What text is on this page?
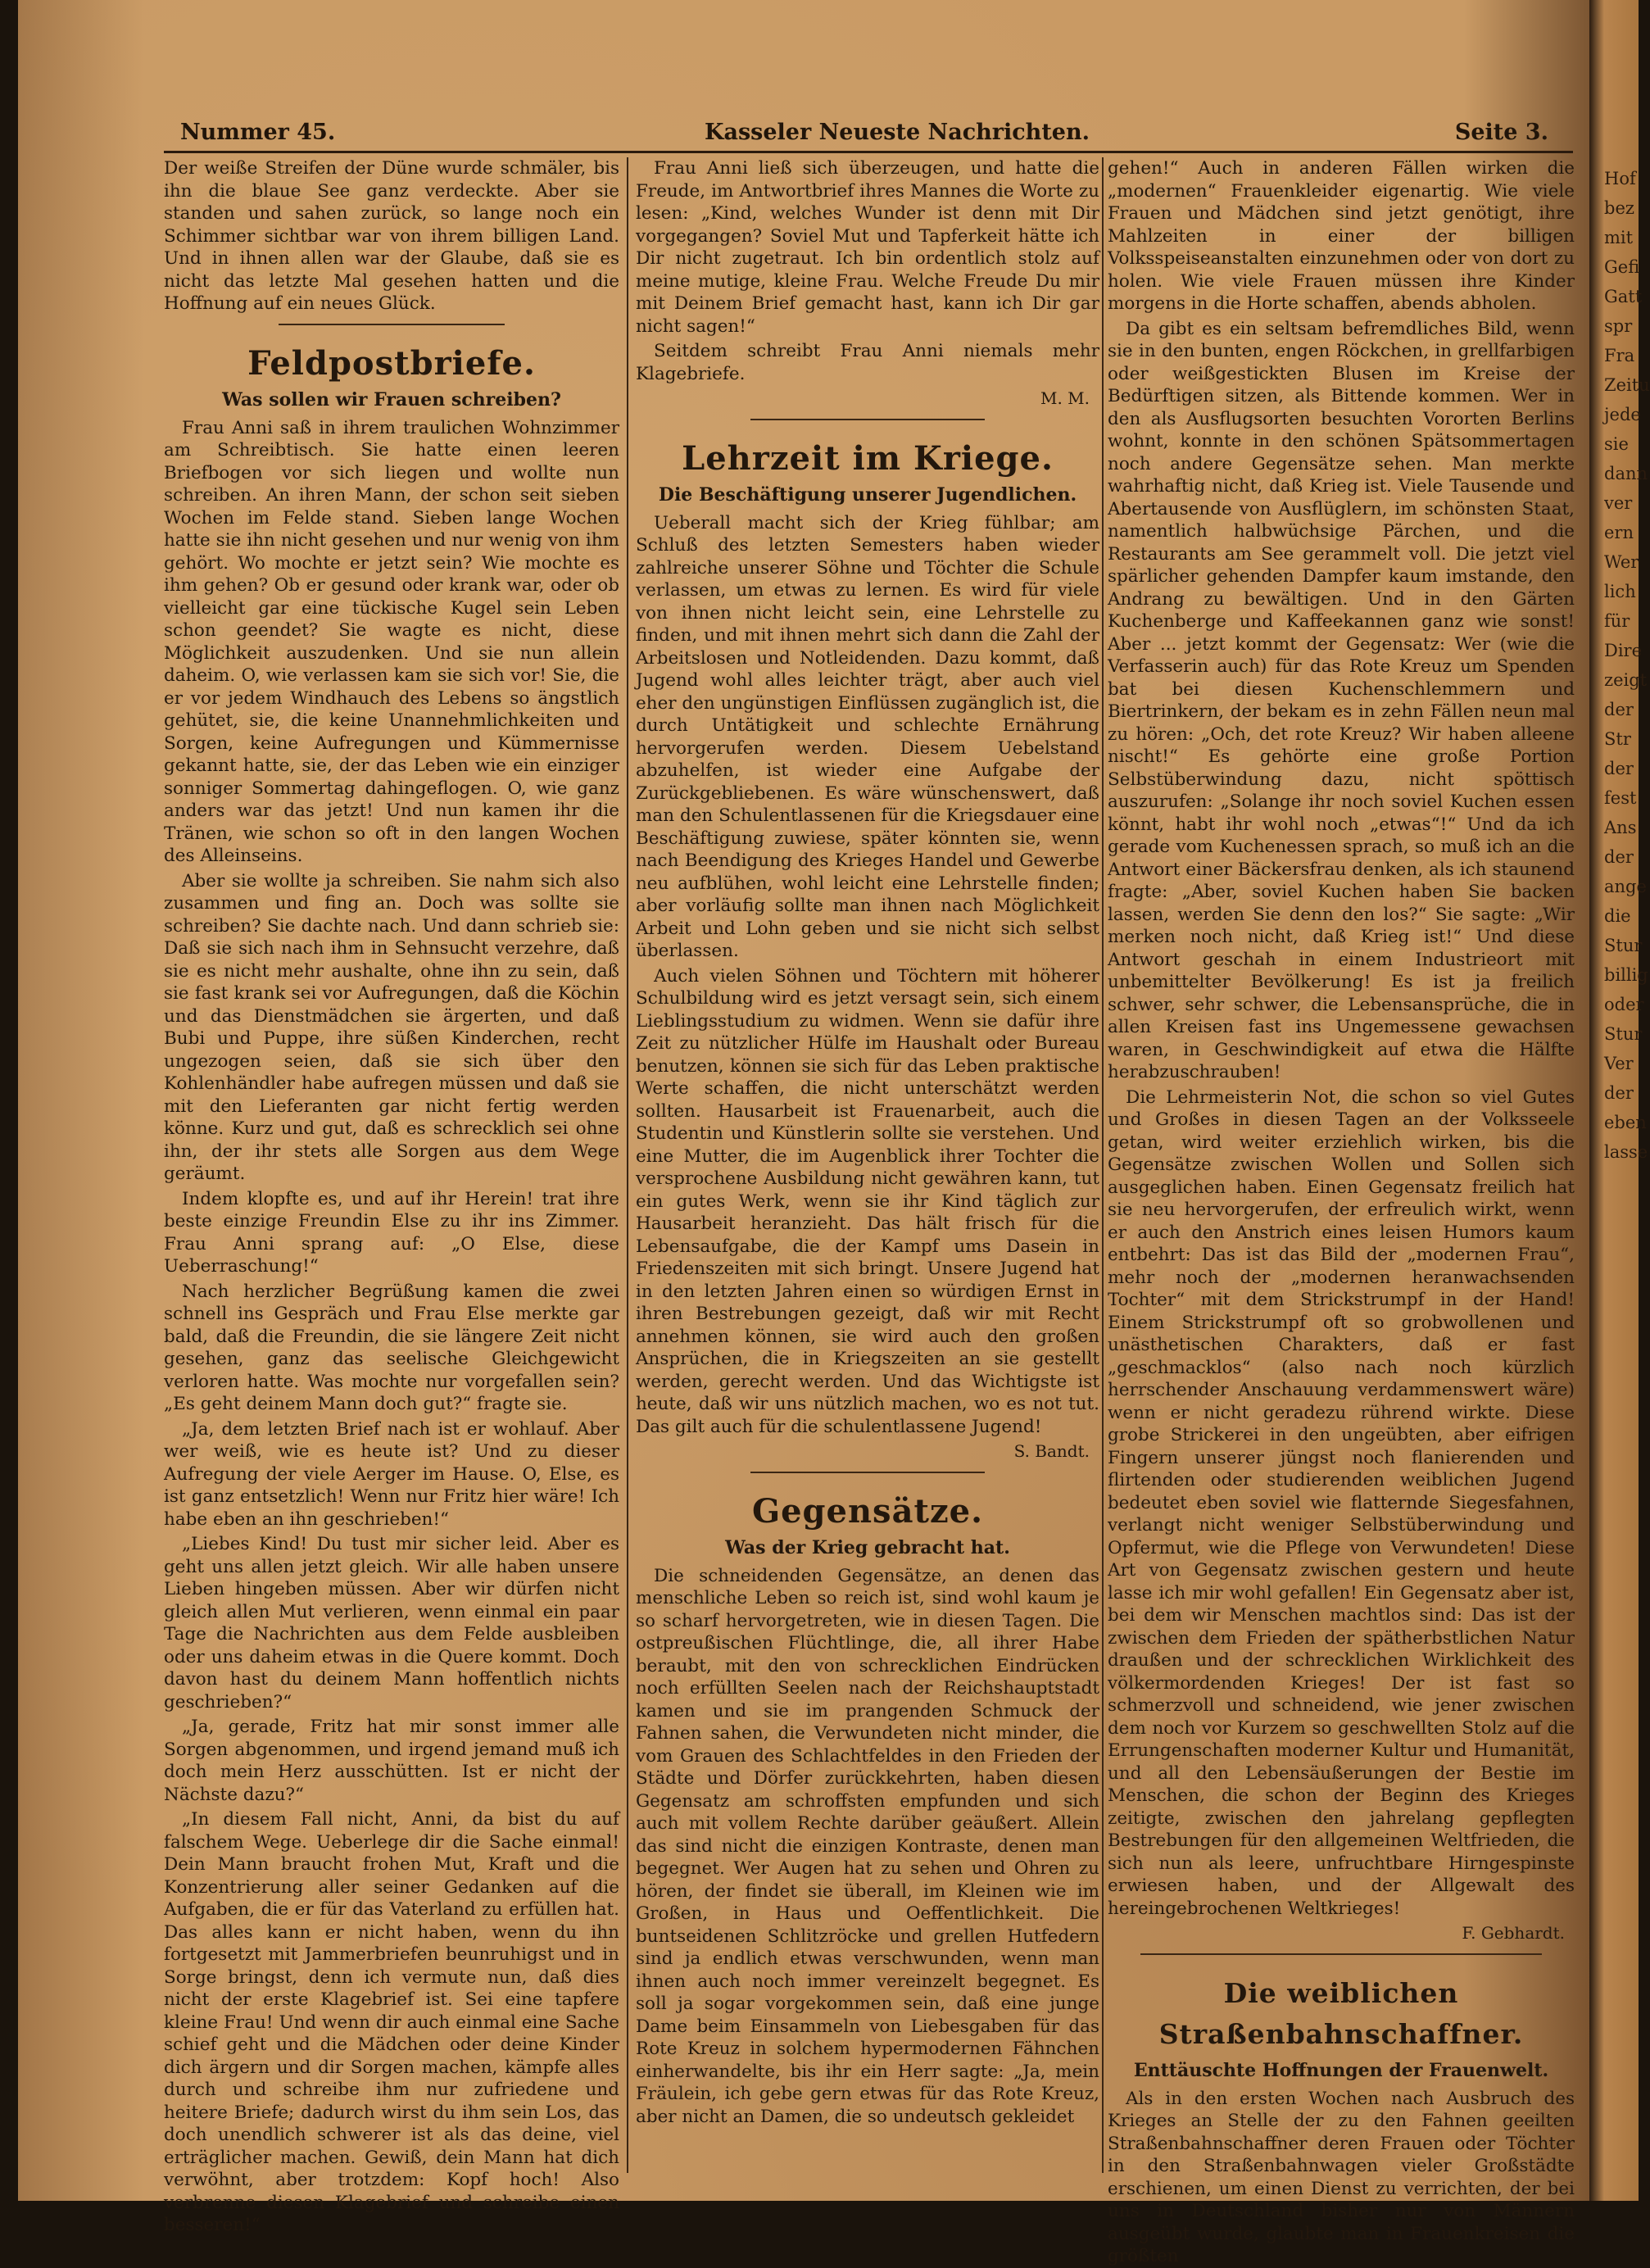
Hof
bez
mit
Gefi
Gatt
spr
Fra
Zeitu
jede
sie
dann
ver
ern
Wer
lich
für
Dire
zeigt
der
Str
der
fest
Ans
der
ange
die
Stur
billig
oder
Stur
Ver
der
eben
lasse
Nummer 45.	Kasseler Neueste Nachrichten.	Seite 3.

Der weiße Streifen der Düne wurde schmäler, bis ihn die blaue See ganz verdeckte. Aber sie standen und sahen zurück, so lange noch ein Schimmer sichtbar war von ihrem billigen Land. Und in ihnen allen war der Glaube, daß sie es nicht das letzte Mal gesehen hatten und die Hoffnung auf ein neues Glück.

Feldpostbriefe.
Was sollen wir Frauen schreiben?

Frau Anni saß in ihrem traulichen Wohnzimmer am Schreibtisch. Sie hatte einen leeren Briefbogen vor sich liegen und wollte nun schreiben. An ihren Mann, der schon seit sieben Wochen im Felde stand. Sieben lange Wochen hatte sie ihn nicht gesehen und nur wenig von ihm gehört. Wo mochte er jetzt sein? Wie mochte es ihm gehen? Ob er gesund oder krank war, oder ob vielleicht gar eine tückische Kugel sein Leben schon geendet? Sie wagte es nicht, diese Möglichkeit auszudenken. Und sie nun allein daheim. O, wie verlassen kam sie sich vor! Sie, die er vor jedem Windhauch des Lebens so ängstlich gehütet, sie, die keine Unannehmlichkeiten und Sorgen, keine Aufregungen und Kümmernisse gekannt hatte, sie, der das Leben wie ein einziger sonniger Sommertag dahingeflogen. O, wie ganz anders war das jetzt! Und nun kamen ihr die Tränen, wie schon so oft in den langen Wochen des Alleinseins.

Aber sie wollte ja schreiben. Sie nahm sich also zusammen und fing an. Doch was sollte sie schreiben? Sie dachte nach. Und dann schrieb sie: Daß sie sich nach ihm in Sehnsucht verzehre, daß sie es nicht mehr aushalte, ohne ihn zu sein, daß sie fast krank sei vor Aufregungen, daß die Köchin und das Dienstmädchen sie ärgerten, und daß Bubi und Puppe, ihre süßen Kinderchen, recht ungezogen seien, daß sie sich über den Kohlenhändler habe aufregen müssen und daß sie mit den Lieferanten gar nicht fertig werden könne. Kurz und gut, daß es schrecklich sei ohne ihn, der ihr stets alle Sorgen aus dem Wege geräumt.

Indem klopfte es, und auf ihr Herein! trat ihre beste einzige Freundin Else zu ihr ins Zimmer. Frau Anni sprang auf: „O Else, diese Ueberraschung!“

Nach herzlicher Begrüßung kamen die zwei schnell ins Gespräch und Frau Else merkte gar bald, daß die Freundin, die sie längere Zeit nicht gesehen, ganz das seelische Gleichgewicht verloren hatte. Was mochte nur vorgefallen sein? „Es geht deinem Mann doch gut?“ fragte sie.

„Ja, dem letzten Brief nach ist er wohlauf. Aber wer weiß, wie es heute ist? Und zu dieser Aufregung der viele Aerger im Hause. O, Else, es ist ganz entsetzlich! Wenn nur Fritz hier wäre! Ich habe eben an ihn geschrieben!“

„Liebes Kind! Du tust mir sicher leid. Aber es geht uns allen jetzt gleich. Wir alle haben unsere Lieben hingeben müssen. Aber wir dürfen nicht gleich allen Mut verlieren, wenn einmal ein paar Tage die Nachrichten aus dem Felde ausbleiben oder uns daheim etwas in die Quere kommt. Doch davon hast du deinem Mann hoffentlich nichts geschrieben?“

„Ja, gerade, Fritz hat mir sonst immer alle Sorgen abgenommen, und irgend jemand muß ich doch mein Herz ausschütten. Ist er nicht der Nächste dazu?“

„In diesem Fall nicht, Anni, da bist du auf falschem Wege. Ueberlege dir die Sache einmal! Dein Mann braucht frohen Mut, Kraft und die Konzentrierung aller seiner Gedanken auf die Aufgaben, die er für das Vaterland zu erfüllen hat. Das alles kann er nicht haben, wenn du ihn fortgesetzt mit Jammerbriefen beunruhigst und in Sorge bringst, denn ich vermute nun, daß dies nicht der erste Klagebrief ist. Sei eine tapfere kleine Frau! Und wenn dir auch einmal eine Sache schief geht und die Mädchen oder deine Kinder dich ärgern und dir Sorgen machen, kämpfe alles durch und schreibe ihm nur zufriedene und heitere Briefe; dadurch wirst du ihm sein Los, das doch unendlich schwerer ist als das deine, viel erträglicher machen. Gewiß, dein Mann hat dich verwöhnt, aber trotzdem: Kopf hoch! Also verbrenne diesen Klagebrief und schreibe einen besseren!“

Frau Anni ließ sich überzeugen, und hatte die Freude, im Antwortbrief ihres Mannes die Worte zu lesen: „Kind, welches Wunder ist denn mit Dir vorgegangen? Soviel Mut und Tapferkeit hätte ich Dir nicht zugetraut. Ich bin ordentlich stolz auf meine mutige, kleine Frau. Welche Freude Du mir mit Deinem Brief gemacht hast, kann ich Dir gar nicht sagen!“

Seitdem schreibt Frau Anni niemals mehr Klagebriefe.

M. M.
Lehrzeit im Kriege.
Die Beschäftigung unserer Jugendlichen.

Ueberall macht sich der Krieg fühlbar; am Schluß des letzten Semesters haben wieder zahlreiche unserer Söhne und Töchter die Schule verlassen, um etwas zu lernen. Es wird für viele von ihnen nicht leicht sein, eine Lehrstelle zu finden, und mit ihnen mehrt sich dann die Zahl der Arbeitslosen und Notleidenden. Dazu kommt, daß Jugend wohl alles leichter trägt, aber auch viel eher den ungünstigen Einflüssen zugänglich ist, die durch Untätigkeit und schlechte Ernährung hervorgerufen werden. Diesem Uebelstand abzuhelfen, ist wieder eine Aufgabe der Zurückgebliebenen. Es wäre wünschenswert, daß man den Schulentlassenen für die Kriegsdauer eine Beschäftigung zuwiese, später könnten sie, wenn nach Beendigung des Krieges Handel und Gewerbe neu aufblühen, wohl leicht eine Lehrstelle finden; aber vorläufig sollte man ihnen nach Möglichkeit Arbeit und Lohn geben und sie nicht sich selbst überlassen.

Auch vielen Söhnen und Töchtern mit höherer Schulbildung wird es jetzt versagt sein, sich einem Lieblingsstudium zu widmen. Wenn sie dafür ihre Zeit zu nützlicher Hülfe im Haushalt oder Bureau benutzen, können sie sich für das Leben praktische Werte schaffen, die nicht unterschätzt werden sollten. Hausarbeit ist Frauenarbeit, auch die Studentin und Künstlerin sollte sie verstehen. Und eine Mutter, die im Augenblick ihrer Tochter die versprochene Ausbildung nicht gewähren kann, tut ein gutes Werk, wenn sie ihr Kind täglich zur Hausarbeit heranzieht. Das hält frisch für die Lebensaufgabe, die der Kampf ums Dasein in Friedenszeiten mit sich bringt. Unsere Jugend hat in den letzten Jahren einen so würdigen Ernst in ihren Bestrebungen gezeigt, daß wir mit Recht annehmen können, sie wird auch den großen Ansprüchen, die in Kriegszeiten an sie gestellt werden, gerecht werden. Und das Wichtigste ist heute, daß wir uns nützlich machen, wo es not tut. Das gilt auch für die schulentlassene Jugend!

S. Bandt.
Gegensätze.
Was der Krieg gebracht hat.

Die schneidenden Gegensätze, an denen das menschliche Leben so reich ist, sind wohl kaum je so scharf hervorgetreten, wie in diesen Tagen. Die ostpreußischen Flüchtlinge, die, all ihrer Habe beraubt, mit den von schrecklichen Eindrücken noch erfüllten Seelen nach der Reichshauptstadt kamen und sie im prangenden Schmuck der Fahnen sahen, die Verwundeten nicht minder, die vom Grauen des Schlachtfeldes in den Frieden der Städte und Dörfer zurückkehrten, haben diesen Gegensatz am schroffsten empfunden und sich auch mit vollem Rechte darüber geäußert. Allein das sind nicht die einzigen Kontraste, denen man begegnet. Wer Augen hat zu sehen und Ohren zu hören, der findet sie überall, im Kleinen wie im Großen, in Haus und Oeffentlichkeit. Die buntseidenen Schlitzröcke und grellen Hutfedern sind ja endlich etwas verschwunden, wenn man ihnen auch noch immer vereinzelt begegnet. Es soll ja sogar vorgekommen sein, daß eine junge Dame beim Einsammeln von Liebesgaben für das Rote Kreuz in solchem hypermodernen Fähnchen einherwandelte, bis ihr ein Herr sagte: „Ja, mein Fräulein, ich gebe gern etwas für das Rote Kreuz, aber nicht an Damen, die so undeutsch gekleidet

gehen!“ Auch in anderen Fällen wirken die „modernen“ Frauenkleider eigenartig. Wie viele Frauen und Mädchen sind jetzt genötigt, ihre Mahlzeiten in einer der billigen Volksspeiseanstalten einzunehmen oder von dort zu holen. Wie viele Frauen müssen ihre Kinder morgens in die Horte schaffen, abends abholen.

Da gibt es ein seltsam befremdliches Bild, wenn sie in den bunten, engen Röckchen, in grellfarbigen oder weißgestickten Blusen im Kreise der Bedürftigen sitzen, als Bittende kommen. Wer in den als Ausflugsorten besuchten Vororten Berlins wohnt, konnte in den schönen Spätsommertagen noch andere Gegensätze sehen. Man merkte wahrhaftig nicht, daß Krieg ist. Viele Tausende und Abertausende von Ausflüglern, im schönsten Staat, namentlich halbwüchsige Pärchen, und die Restaurants am See gerammelt voll. Die jetzt viel spärlicher gehenden Dampfer kaum imstande, den Andrang zu bewältigen. Und in den Gärten Kuchenberge und Kaffeekannen ganz wie sonst! Aber ... jetzt kommt der Gegensatz: Wer (wie die Verfasserin auch) für das Rote Kreuz um Spenden bat bei diesen Kuchenschlemmern und Biertrinkern, der bekam es in zehn Fällen neun mal zu hören: „Och, det rote Kreuz? Wir haben alleene nischt!“ Es gehörte eine große Portion Selbstüberwindung dazu, nicht spöttisch auszurufen: „Solange ihr noch soviel Kuchen essen könnt, habt ihr wohl noch „etwas“!“ Und da ich gerade vom Kuchenessen sprach, so muß ich an die Antwort einer Bäckersfrau denken, als ich staunend fragte: „Aber, soviel Kuchen haben Sie backen lassen, werden Sie denn den los?“ Sie sagte: „Wir merken noch nicht, daß Krieg ist!“ Und diese Antwort geschah in einem Industrieort mit unbemittelter Bevölkerung! Es ist ja freilich schwer, sehr schwer, die Lebensansprüche, die in allen Kreisen fast ins Ungemessene gewachsen waren, in Geschwindigkeit auf etwa die Hälfte herabzuschrauben!

Die Lehrmeisterin Not, die schon so viel Gutes und Großes in diesen Tagen an der Volksseele getan, wird weiter erziehlich wirken, bis die Gegensätze zwischen Wollen und Sollen sich ausgeglichen haben. Einen Gegensatz freilich hat sie neu hervorgerufen, der erfreulich wirkt, wenn er auch den Anstrich eines leisen Humors kaum entbehrt: Das ist das Bild der „modernen Frau“, mehr noch der „modernen heranwachsenden Tochter“ mit dem Strickstrumpf in der Hand! Einem Strickstrumpf oft so grobwollenen und unästhetischen Charakters, daß er fast „geschmacklos“ (also nach noch kürzlich herrschender Anschauung verdammenswert wäre) wenn er nicht geradezu rührend wirkte. Diese grobe Strickerei in den ungeübten, aber eifrigen Fingern unserer jüngst noch flanierenden und flirtenden oder studierenden weiblichen Jugend bedeutet eben soviel wie flatternde Siegesfahnen, verlangt nicht weniger Selbstüberwindung und Opfermut, wie die Pflege von Verwundeten! Diese Art von Gegensatz zwischen gestern und heute lasse ich mir wohl gefallen! Ein Gegensatz aber ist, bei dem wir Menschen machtlos sind: Das ist der zwischen dem Frieden der spätherbstlichen Natur draußen und der schrecklichen Wirklichkeit des völkermordenden Krieges! Der ist fast so schmerzvoll und schneidend, wie jener zwischen dem noch vor Kurzem so geschwellten Stolz auf die Errungenschaften moderner Kultur und Humanität, und all den Lebensäußerungen der Bestie im Menschen, die schon der Beginn des Krieges zeitigte, zwischen den jahrelang gepflegten Bestrebungen für den allgemeinen Weltfrieden, die sich nun als leere, unfruchtbare Hirngespinste erwiesen haben, und der Allgewalt des hereingebrochenen Weltkrieges!

F. Gebhardt.
Die weiblichen Straßenbahnschaffner.
Enttäuschte Hoffnungen der Frauenwelt.

Als in den ersten Wochen nach Ausbruch des Krieges an Stelle der zu den Fahnen geeilten Straßenbahnschaffner deren Frauen oder Töchter in den Straßenbahnwagen vieler Großstädte erschienen, um einen Dienst zu verrichten, der bei uns in Deutschland bisher nur von Männern ausgeübt wurde, glaubte man in Frauenkreisen die größten
